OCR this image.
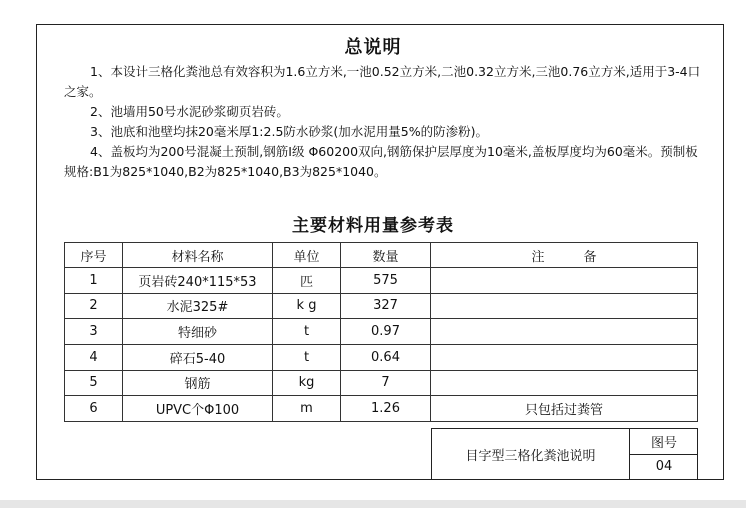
总说明

1、本设计三格化粪池总有效容积为1.6立方米,一池0.52立方米,二池0.32立方米,三池0.76立方米,适用于3-4口之家。

2、池墙用50号水泥砂浆砌页岩砖。

3、池底和池壁均抹20毫米厚1:2.5防水砂浆(加水泥用量5%的防渗粉)。

4、盖板均为200号混凝土预制,钢筋Ⅰ级 Φ60200双向,钢筋保护层厚度为10毫米,盖板厚度均为60毫米。预制板规格:B1为825*1040,B2为825*1040,B3为825*1040。

主要材料用量参考表
序号	材料名称	单位	数量	注　　　备
1	页岩砖240*115*53	匹	575	
2	水泥325#	k g	327	
3	特细砂	t	0.97	
4	碎石5-40	t	0.64	
5	钢筋	kg	7	
6	UPVC个Φ100	m	1.26	只包括过粪管
目字型三格化粪池说明
图号
04
